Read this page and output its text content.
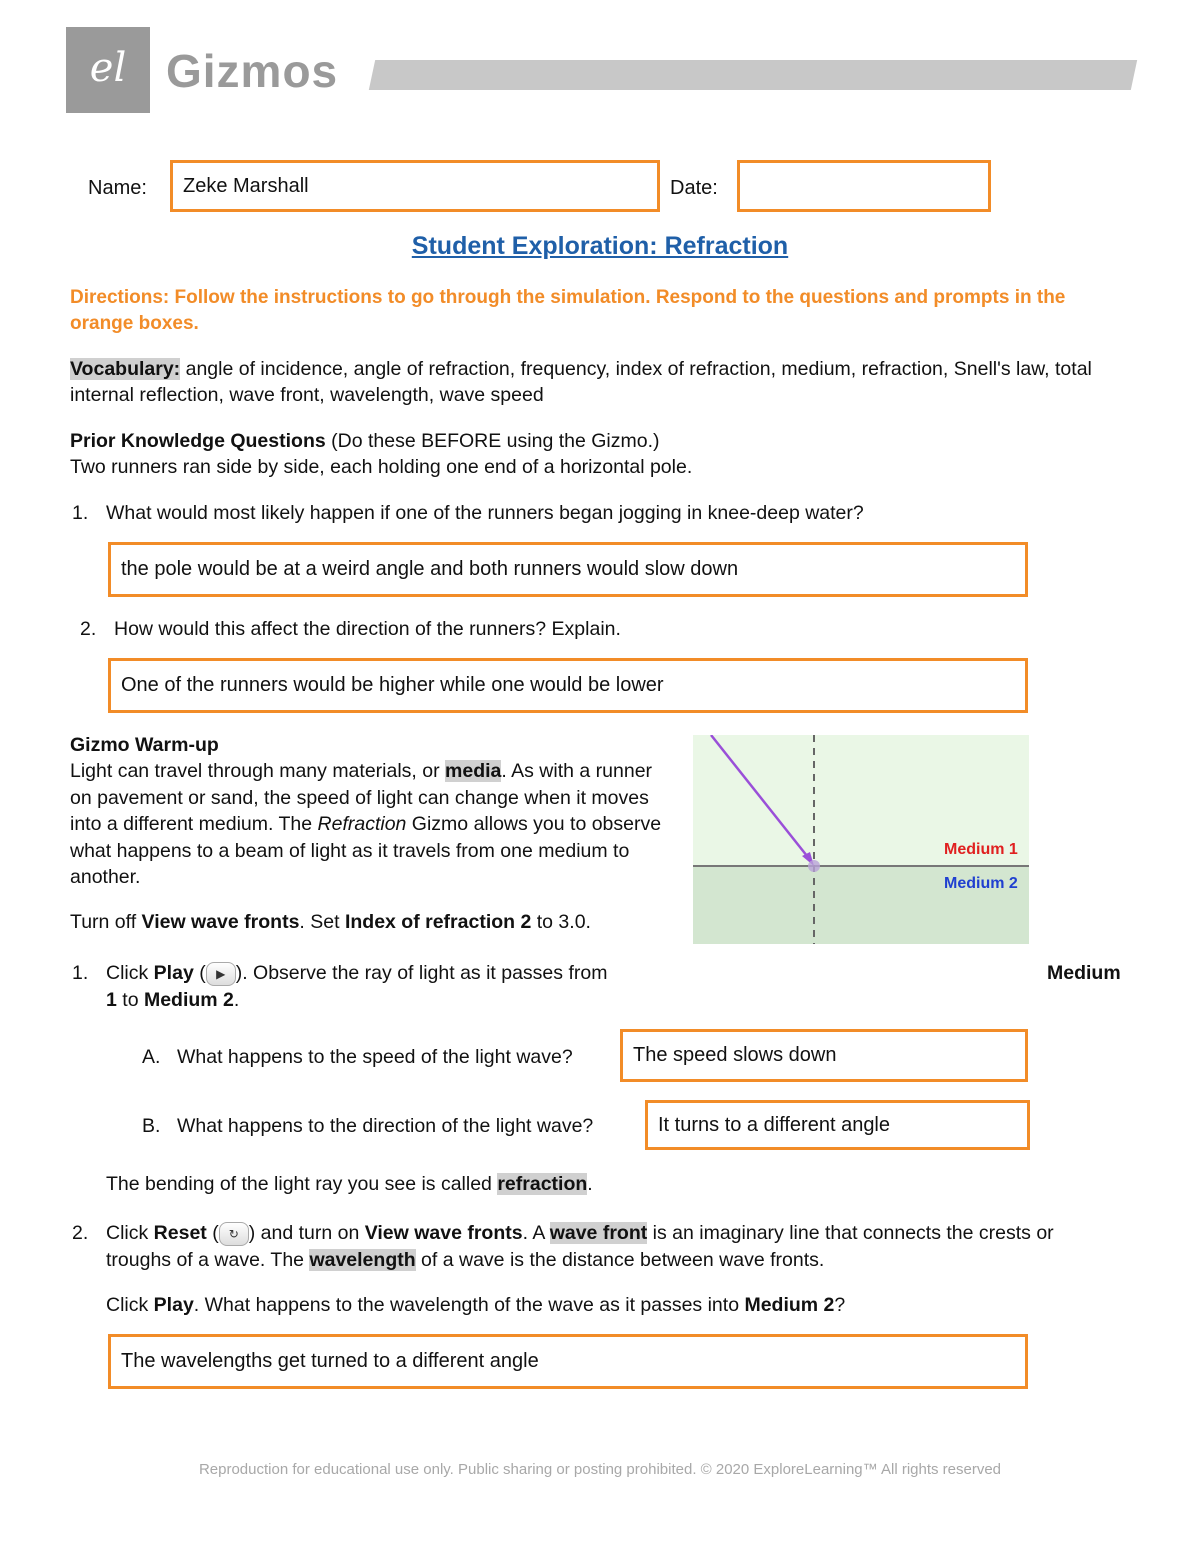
el Gizmos
Name: Zeke Marshall	Date:
Student Exploration: Refraction
Directions: Follow the instructions to go through the simulation. Respond to the questions and prompts in the orange boxes.
Vocabulary: angle of incidence, angle of refraction, frequency, index of refraction, medium, refraction, Snell's law, total internal reflection, wave front, wavelength, wave speed
Prior Knowledge Questions (Do these BEFORE using the Gizmo.)
Two runners ran side by side, each holding one end of a horizontal pole.
1. What would most likely happen if one of the runners began jogging in knee-deep water?
the pole would be at a weird angle and both runners would slow down
2. How would this affect the direction of the runners? Explain.
One of the runners would be higher while one would be lower
Gizmo Warm-up
Light can travel through many materials, or media. As with a runner on pavement or sand, the speed of light can change when it moves into a different medium. The Refraction Gizmo allows you to observe what happens to a beam of light as it travels from one medium to another.
Turn off View wave fronts. Set Index of refraction 2 to 3.0.
Medium 1
Medium 2
1. Click Play ( ▶ ). Observe the ray of light as it passes from	Medium
1 to Medium 2.
A. What happens to the speed of the light wave?	The speed slows down
B. What happens to the direction of the light wave?	It turns to a different angle
The bending of the light ray you see is called refraction.
2. Click Reset ( ↻ ) and turn on View wave fronts. A wave front is an imaginary line that connects the crests or troughs of a wave. The wavelength of a wave is the distance between wave fronts.
Click Play. What happens to the wavelength of the wave as it passes into Medium 2?
The wavelengths get turned to a different angle
Reproduction for educational use only. Public sharing or posting prohibited. © 2020 ExploreLearning™ All rights reserved
